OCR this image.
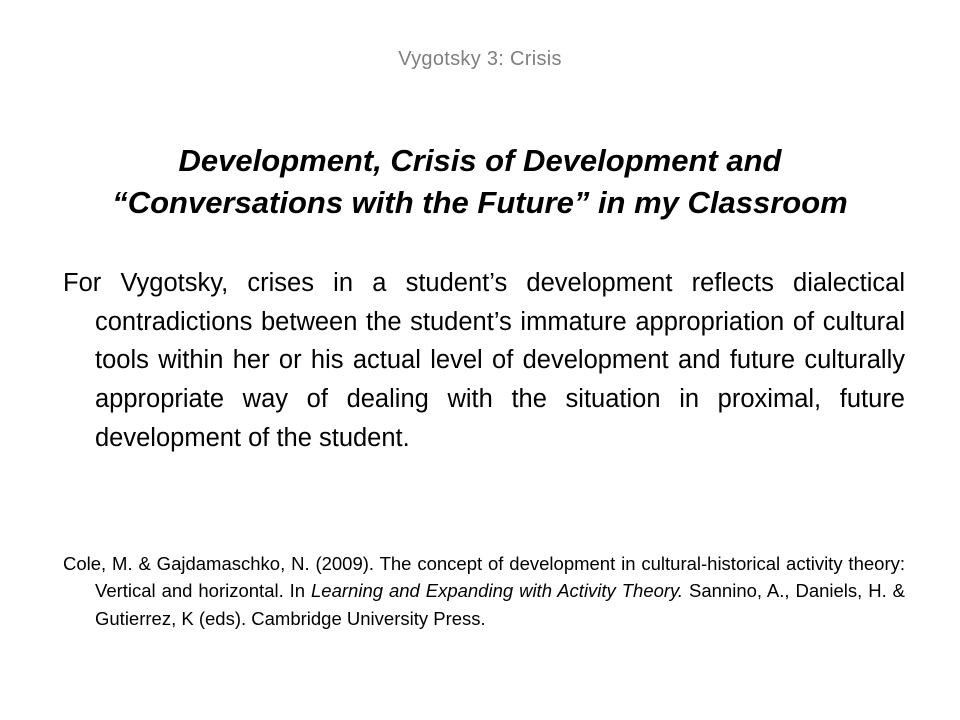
Vygotsky 3: Crisis
Development, Crisis of Development and
“Conversations with the Future” in my Classroom

For Vygotsky, crises in a student’s development reflects dialectical contradictions between the student’s immature appropriation of cultural tools within her or his actual level of development and future culturally appropriate way of dealing with the situation in proximal, future development of the student.

Cole, M. & Gajdamaschko, N. (2009). The concept of development in cultural-historical activity theory: Vertical and horizontal. In Learning and Expanding with Activity Theory. Sannino, A., Daniels, H. & Gutierrez, K (eds). Cambridge University Press.
